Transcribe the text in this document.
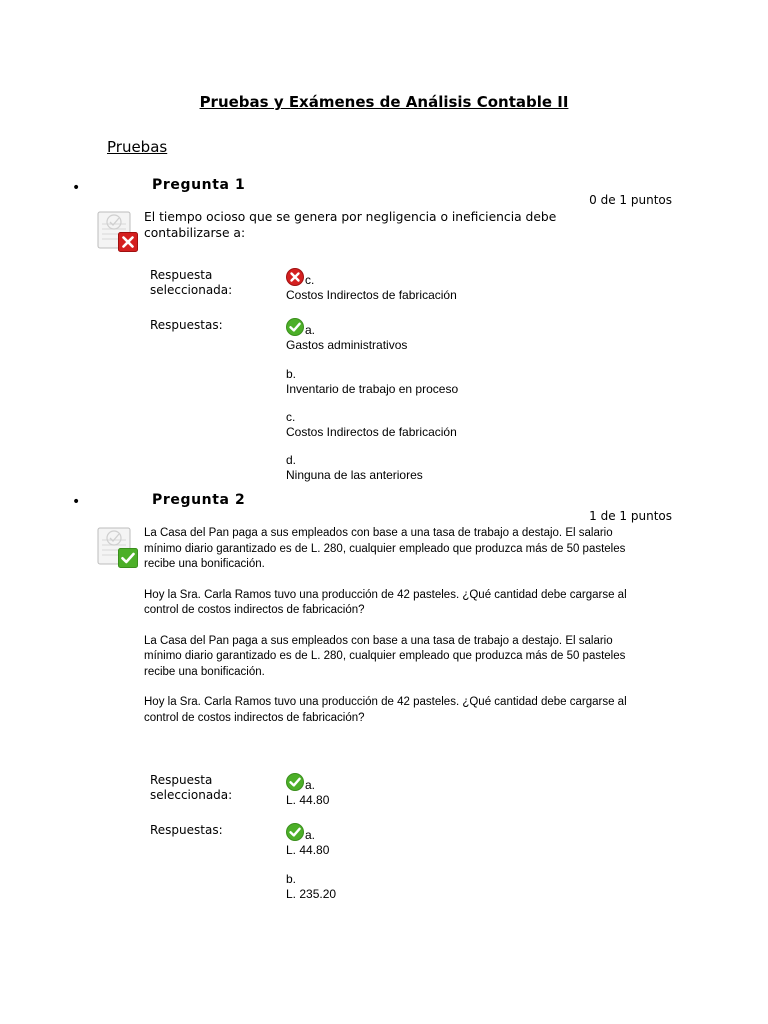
Pruebas y Exámenes de Análisis Contable II
Pruebas
•	Pregunta 1
0 de 1 puntos
El tiempo ocioso que se genera por negligencia o ineficiencia debe contabilizarse a:
Respuesta seleccionada:
c.
Costos Indirectos de fabricación
Respuestas:	a.
Gastos administrativos
b.
Inventario de trabajo en proceso
c.
Costos Indirectos de fabricación
d.
Ninguna de las anteriores
•	Pregunta 2
1 de 1 puntos

La Casa del Pan paga a sus empleados con base a una tasa de trabajo a destajo. El salario mínimo diario garantizado es de L. 280, cualquier empleado que produzca más de 50 pasteles recibe una bonificación.

Hoy la Sra. Carla Ramos tuvo una producción de 42 pasteles. ¿Qué cantidad debe cargarse al control de costos indirectos de fabricación?

La Casa del Pan paga a sus empleados con base a una tasa de trabajo a destajo. El salario mínimo diario garantizado es de L. 280, cualquier empleado que produzca más de 50 pasteles recibe una bonificación.

Hoy la Sra. Carla Ramos tuvo una producción de 42 pasteles. ¿Qué cantidad debe cargarse al control de costos indirectos de fabricación?

Respuesta seleccionada:
a.
L. 44.80
Respuestas:	a.
L. 44.80
b.
L. 235.20
